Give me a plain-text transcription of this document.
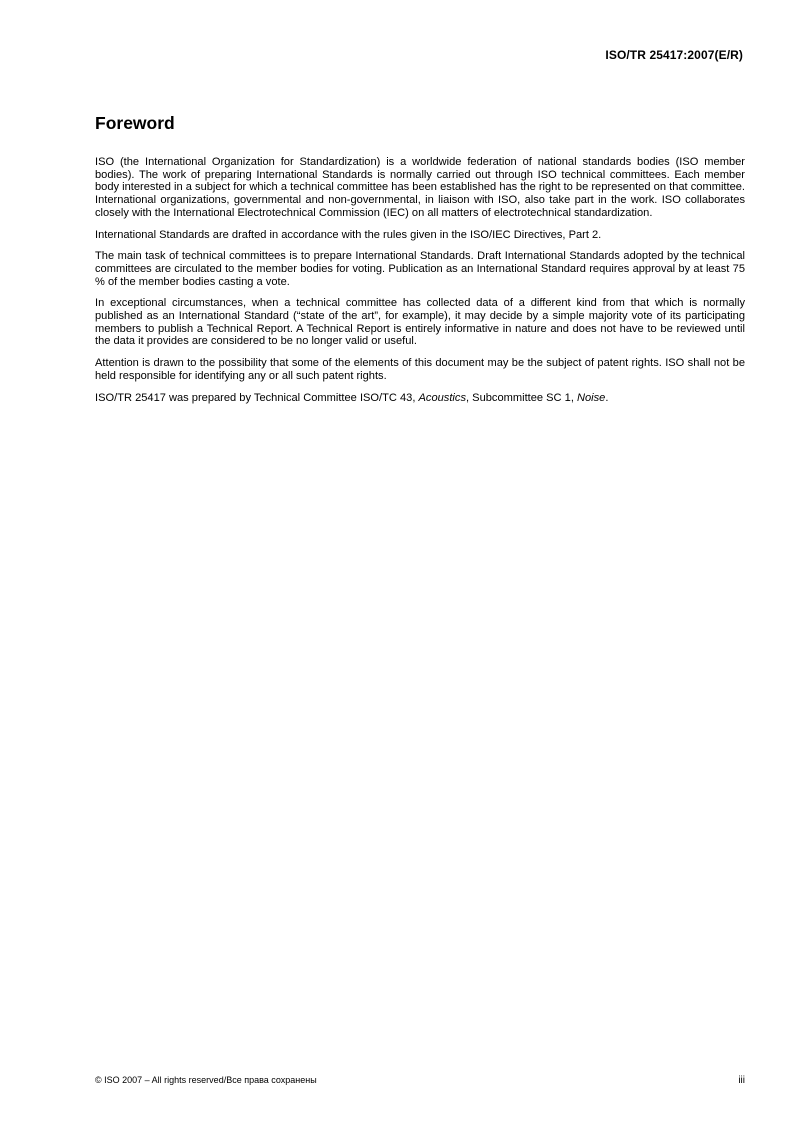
ISO/TR 25417:2007(E/R)
Foreword

ISO (the International Organization for Standardization) is a worldwide federation of national standards bodies (ISO member bodies). The work of preparing International Standards is normally carried out through ISO technical committees. Each member body interested in a subject for which a technical committee has been established has the right to be represented on that committee. International organizations, governmental and non-governmental, in liaison with ISO, also take part in the work. ISO collaborates closely with the International Electrotechnical Commission (IEC) on all matters of electrotechnical standardization.

International Standards are drafted in accordance with the rules given in the ISO/IEC Directives, Part 2.

The main task of technical committees is to prepare International Standards. Draft International Standards adopted by the technical committees are circulated to the member bodies for voting. Publication as an International Standard requires approval by at least 75 % of the member bodies casting a vote.

In exceptional circumstances, when a technical committee has collected data of a different kind from that which is normally published as an International Standard (“state of the art”, for example), it may decide by a simple majority vote of its participating members to publish a Technical Report. A Technical Report is entirely informative in nature and does not have to be reviewed until the data it provides are considered to be no longer valid or useful.

Attention is drawn to the possibility that some of the elements of this document may be the subject of patent rights. ISO shall not be held responsible for identifying any or all such patent rights.

ISO/TR 25417 was prepared by Technical Committee ISO/TC 43, Acoustics, Subcommittee SC 1, Noise.

© ISO 2007 – All rights reserved/Все права сохранены	iii
